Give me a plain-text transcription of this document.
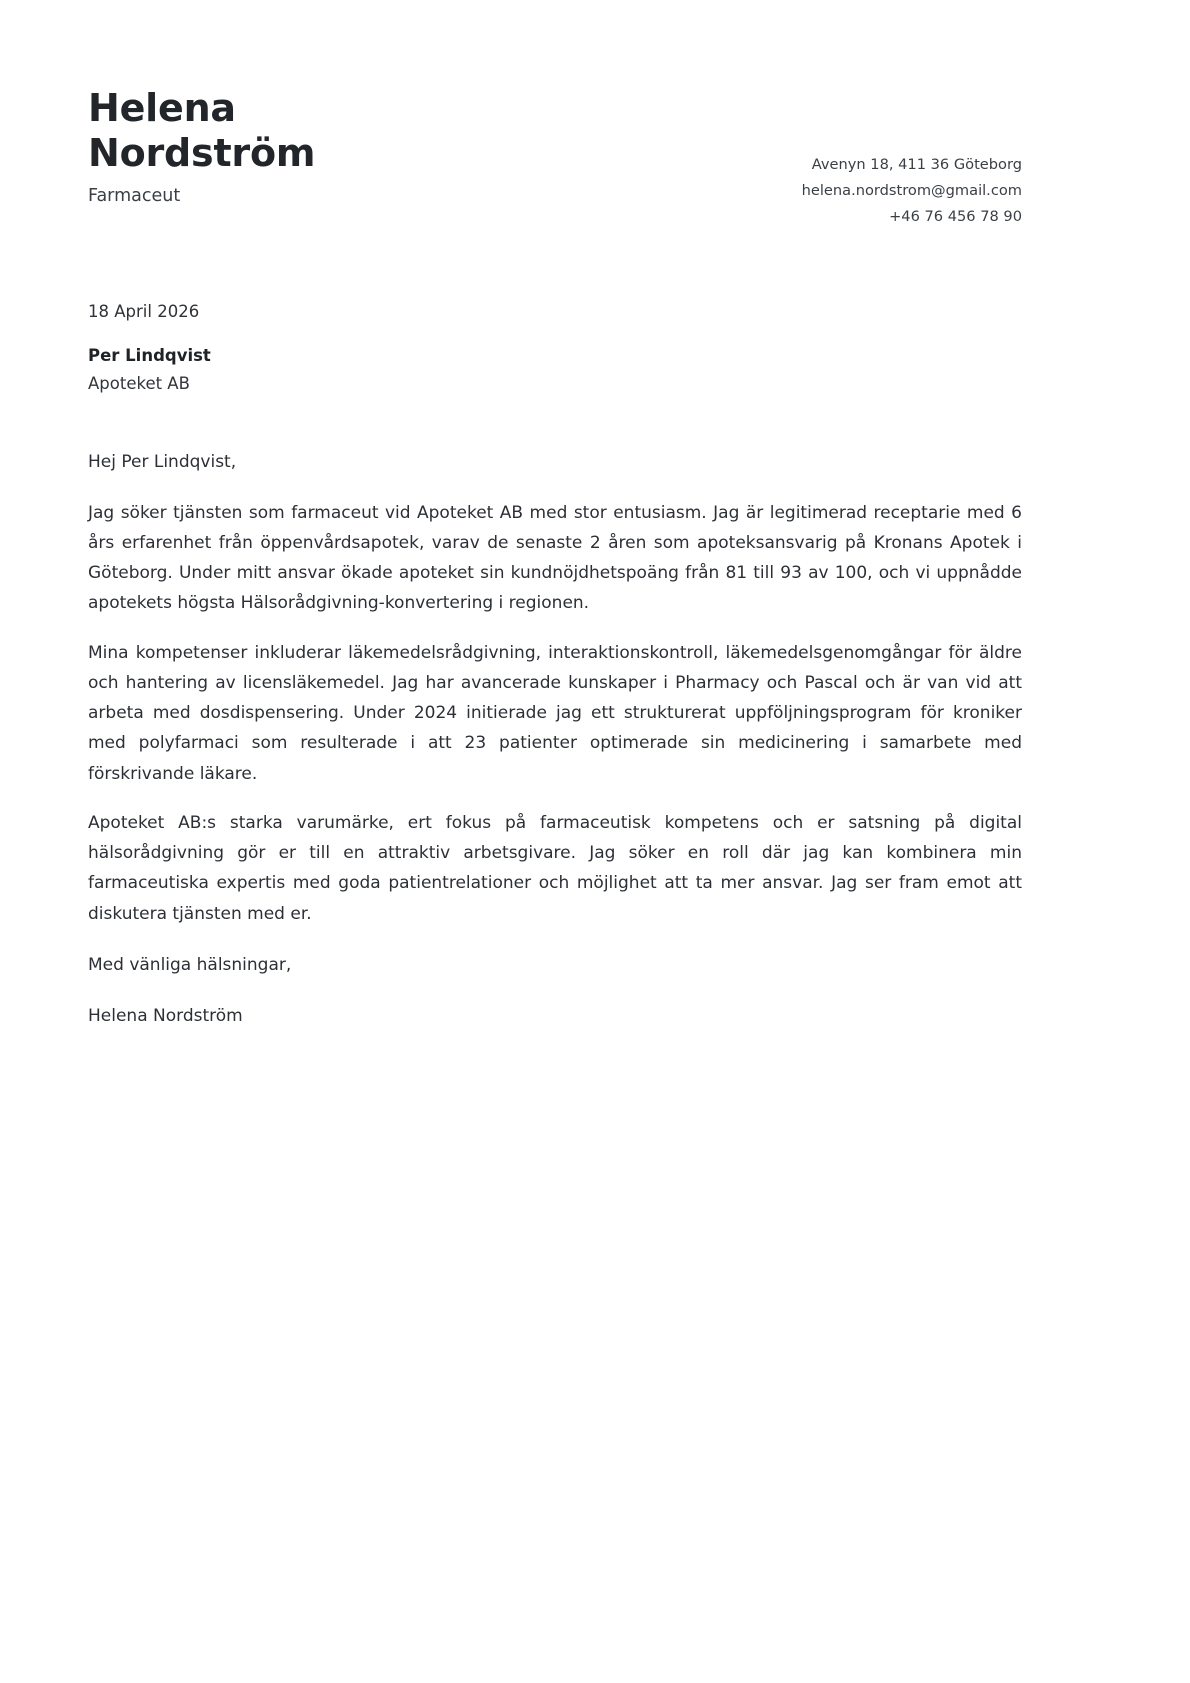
Helena
Nordström
Farmaceut
Avenyn 18, 411 36 Göteborg
helena.nordstrom@gmail.com
+46 76 456 78 90
18 April 2026
Per Lindqvist
Apoteket AB
Hej Per Lindqvist,

Jag söker tjänsten som farmaceut vid Apoteket AB med stor entusiasm. Jag är legitimerad receptarie med 6 års erfarenhet från öppenvårdsapotek, varav de senaste 2 åren som apoteksansvarig på Kronans Apotek i Göteborg. Under mitt ansvar ökade apoteket sin kundnöjdhetspoäng från 81 till 93 av 100, och vi uppnådde apotekets högsta Hälsorådgivning-konvertering i regionen.

Mina kompetenser inkluderar läkemedelsrådgivning, interaktionskontroll, läkemedelsgenomgångar för äldre och hantering av licensläkemedel. Jag har avancerade kunskaper i Pharmacy och Pascal och är van vid att arbeta med dosdispensering. Under 2024 initierade jag ett strukturerat uppföljningsprogram för kroniker med polyfarmaci som resulterade i att 23 patienter optimerade sin medicinering i samarbete med förskrivande läkare.

Apoteket AB:s starka varumärke, ert fokus på farmaceutisk kompetens och er satsning på digital hälsorådgivning gör er till en attraktiv arbetsgivare. Jag söker en roll där jag kan kombinera min farmaceutiska expertis med goda patientrelationer och möjlighet att ta mer ansvar. Jag ser fram emot att diskutera tjänsten med er.

Med vänliga hälsningar,
Helena Nordström
